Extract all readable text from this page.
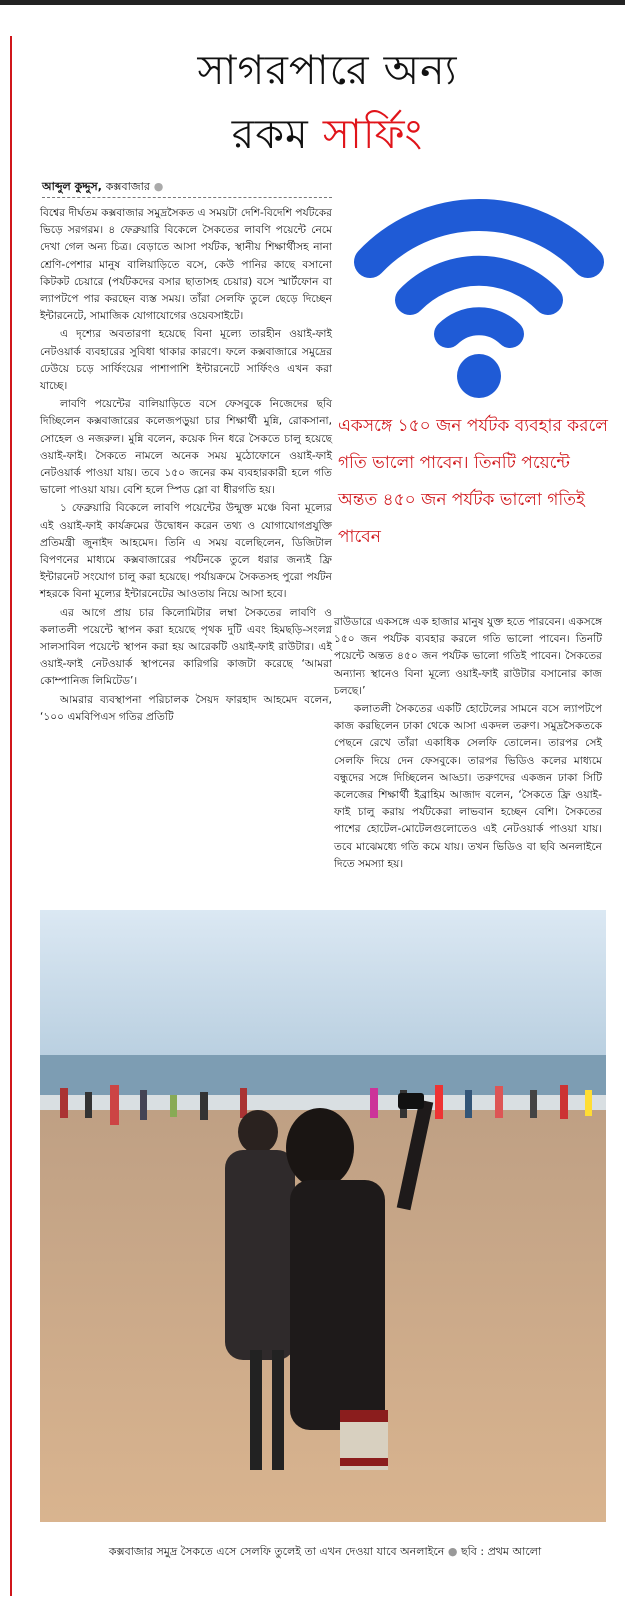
সাগরপারে অন্য
রকম সার্ফিং
আব্দুল কুদ্দুস, কক্সবাজার ●

বিশ্বের দীর্ঘতম কক্সবাজার সমুদ্রসৈকত এ সময়টা দেশি-বিদেশি পর্যটকের ভিড়ে সরগরম। ৪ ফেব্রুয়ারি বিকেলে সৈকতের লাবণি পয়েন্টে নেমে দেখা গেল অন্য চিত্র। বেড়াতে আসা পর্যটক, স্থানীয় শিক্ষার্থীসহ নানা শ্রেণি-পেশার মানুষ বালিয়াড়িতে বসে, কেউ পানির কাছে বসানো কিটকট চেয়ারে (পর্যটকদের বসার ছাতাসহ চেয়ার) বসে স্মার্টফোন বা ল্যাপটপে পার করছেন ব্যস্ত সময়। তাঁরা সেলফি তুলে ছেড়ে দিচ্ছেন ইন্টারনেটে, সামাজিক যোগাযোগের ওয়েবসাইটে।

এ দৃশ্যের অবতারণা হয়েছে বিনা মূল্যে তারহীন ওয়াই-ফাই নেটওয়ার্ক ব্যবহারের সুবিধা থাকার কারণে। ফলে কক্সবাজারে সমুদ্রের ঢেউয়ে চড়ে সার্ফিংয়ের পাশাপাশি ইন্টারনেটে সার্ফিংও এখন করা যাচ্ছে।

লাবণি পয়েন্টের বালিয়াড়িতে বসে ফেসবুকে নিজেদের ছবি দিচ্ছিলেন কক্সবাজারের কলেজপড়ুয়া চার শিক্ষার্থী মুন্নি, রোকসানা, সোহেল ও নজরুল। মুন্নি বলেন, কয়েক দিন ধরে সৈকতে চালু হয়েছে ওয়াই-ফাই। সৈকতে নামলে অনেক সময় মুঠোফোনে ওয়াই-ফাই নেটওয়ার্ক পাওয়া যায়। তবে ১৫০ জনের কম ব্যবহারকারী হলে গতি ভালো পাওয়া যায়। বেশি হলে স্পিড স্লো বা ধীরগতি হয়।

১ ফেব্রুয়ারি বিকেলে লাবণি পয়েন্টের উন্মুক্ত মঞ্চে বিনা মূল্যের এই ওয়াই-ফাই কার্যক্রমের উদ্বোধন করেন তথ্য ও যোগাযোগপ্রযুক্তি প্রতিমন্ত্রী জুনাইদ আহমেদ। তিনি এ সময় বলেছিলেন, ডিজিটাল বিপণনের মাধ্যমে কক্সবাজারের পর্যটনকে তুলে ধরার জন্যই ফ্রি ইন্টারনেট সংযোগ চালু করা হয়েছে। পর্যায়ক্রমে সৈকতসহ পুরো পর্যটন শহরকে বিনা মূল্যের ইন্টারনেটের আওতায় নিয়ে আসা হবে।

এর আগে প্রায় চার কিলোমিটার লম্বা সৈকতের লাবণি ও কলাতলী পয়েন্টে স্থাপন করা হয়েছে পৃথক দুটি এবং হিমছড়ি-সংলগ্ন সালসাবিল পয়েন্টে স্থাপন করা হয় আরেকটি ওয়াই-ফাই রাউটার। এই ওয়াই-ফাই নেটওয়ার্ক স্থাপনের কারিগরি কাজটা করেছে ‘আমরা কোম্পানিজ লিমিটেড’।

আমরার ব্যবস্থাপনা পরিচালক সৈয়দ ফারহাদ আহমেদ বলেন, ‘১০০ এমবিপিএস গতির প্রতিটি

একসঙ্গে ১৫০ জন পর্যটক ব্যবহার করলে গতি ভালো পাবেন। তিনটি পয়েন্টে অন্তত ৪৫০ জন পর্যটক ভালো গতিই পাবেন

রাউডারে একসঙ্গে এক হাজার মানুষ যুক্ত হতে পারবেন। একসঙ্গে ১৫০ জন পর্যটক ব্যবহার করলে গতি ভালো পাবেন। তিনটি পয়েন্টে অন্তত ৪৫০ জন পর্যটক ভালো গতিই পাবেন। সৈকতের অন্যান্য স্থানেও বিনা মূল্যে ওয়াই-ফাই রাউটার বসানোর কাজ চলছে।’

কলাতলী সৈকতের একটি হোটেলের সামনে বসে ল্যাপটপে কাজ করছিলেন ঢাকা থেকে আসা একদল তরুণ। সমুদ্রসৈকতকে পেছনে রেখে তাঁরা একাধিক সেলফি তোলেন। তারপর সেই সেলফি দিয়ে দেন ফেসবুকে। তারপর ভিডিও কলের মাধ্যমে বন্ধুদের সঙ্গে দিচ্ছিলেন আড্ডা। তরুণদের একজন ঢাকা সিটি কলেজের শিক্ষার্থী ইব্রাহিম আজাদ বলেন, ‘সৈকতে ফ্রি ওয়াই-ফাই চালু করায় পর্যটকেরা লাভবান হচ্ছেন বেশি। সৈকতের পাশের হোটেল-মোটেলগুলোতেও এই নেটওয়ার্ক পাওয়া যায়। তবে মাঝেমধ্যে গতি কমে যায়। তখন ভিডিও বা ছবি অনলাইনে দিতে সমস্যা হয়।

কক্সবাজার সমুদ্র সৈকতে এসে সেলফি তুলেই তা এখন দেওয়া যাবে অনলাইনে ● ছবি : প্রথম আলো
